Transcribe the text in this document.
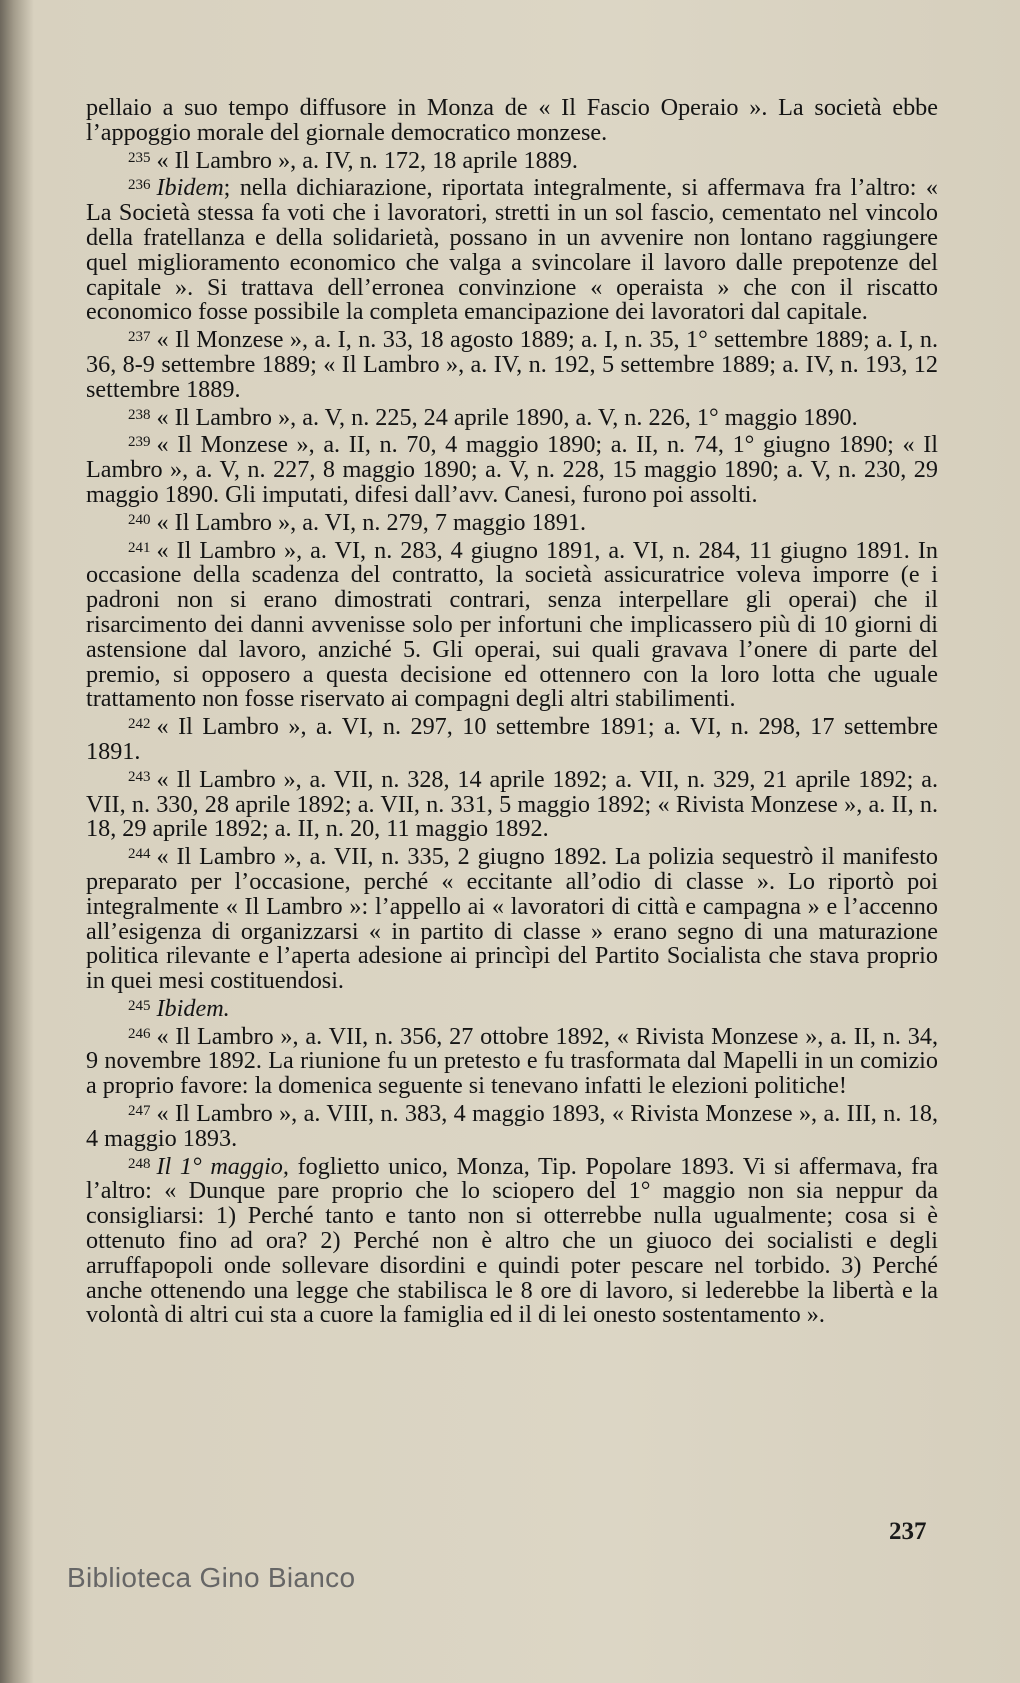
pellaio a suo tempo diffusore in Monza de « Il Fascio Operaio ». La società ebbe l’appoggio morale del giornale democratico monzese.

$^{235}$ « Il Lambro », a. IV, n. 172, 18 aprile 1889.

$^{236}$ Ibidem; nella dichiarazione, riportata integralmente, si affermava fra l’altro: « La Società stessa fa voti che i lavoratori, stretti in un sol fascio, cementato nel vincolo della fratellanza e della solidarietà, possano in un avvenire non lontano raggiungere quel miglioramento economico che valga a svincolare il lavoro dalle prepotenze del capitale ». Si trattava dell’erronea convinzione « operaista » che con il riscatto economico fosse possibile la completa emancipazione dei lavoratori dal capitale.

$^{237}$ « Il Monzese », a. I, n. 33, 18 agosto 1889; a. I, n. 35, 1° settembre 1889; a. I, n. 36, 8-9 settembre 1889; « Il Lambro », a. IV, n. 192, 5 settembre 1889; a. IV, n. 193, 12 settembre 1889.

$^{238}$ « Il Lambro », a. V, n. 225, 24 aprile 1890, a. V, n. 226, 1° maggio 1890.

$^{239}$ « Il Monzese », a. II, n. 70, 4 maggio 1890; a. II, n. 74, 1° giugno 1890; « Il Lambro », a. V, n. 227, 8 maggio 1890; a. V, n. 228, 15 maggio 1890; a. V, n. 230, 29 maggio 1890. Gli imputati, difesi dall’avv. Canesi, furono poi assolti.

$^{240}$ « Il Lambro », a. VI, n. 279, 7 maggio 1891.

$^{241}$ « Il Lambro », a. VI, n. 283, 4 giugno 1891, a. VI, n. 284, 11 giugno 1891. In occasione della scadenza del contratto, la società assicuratrice voleva imporre (e i padroni non si erano dimostrati contrari, senza interpellare gli operai) che il risarcimento dei danni avvenisse solo per infortuni che implicassero più di 10 giorni di astensione dal lavoro, anziché 5. Gli operai, sui quali gravava l’onere di parte del premio, si opposero a questa decisione ed ottennero con la loro lotta che uguale trattamento non fosse riservato ai compagni degli altri stabilimenti.

$^{242}$ « Il Lambro », a. VI, n. 297, 10 settembre 1891; a. VI, n. 298, 17 settembre 1891.

$^{243}$ « Il Lambro », a. VII, n. 328, 14 aprile 1892; a. VII, n. 329, 21 aprile 1892; a. VII, n. 330, 28 aprile 1892; a. VII, n. 331, 5 maggio 1892; « Rivista Monzese », a. II, n. 18, 29 aprile 1892; a. II, n. 20, 11 maggio 1892.

$^{244}$ « Il Lambro », a. VII, n. 335, 2 giugno 1892. La polizia sequestrò il manifesto preparato per l’occasione, perché « eccitante all’odio di classe ». Lo riportò poi integralmente « Il Lambro »: l’appello ai « lavoratori di città e campagna » e l’accenno all’esigenza di organizzarsi « in partito di classe » erano segno di una maturazione politica rilevante e l’aperta adesione ai princìpi del Partito Socialista che stava proprio in quei mesi costituendosi.

$^{245}$ Ibidem.

$^{246}$ « Il Lambro », a. VII, n. 356, 27 ottobre 1892, « Rivista Monzese », a. II, n. 34, 9 novembre 1892. La riunione fu un pretesto e fu trasformata dal Mapelli in un comizio a proprio favore: la domenica seguente si tenevano infatti le elezioni politiche!

$^{247}$ « Il Lambro », a. VIII, n. 383, 4 maggio 1893, « Rivista Monzese », a. III, n. 18, 4 maggio 1893.

$^{248}$ Il 1° maggio, foglietto unico, Monza, Tip. Popolare 1893. Vi si affermava, fra l’altro: « Dunque pare proprio che lo sciopero del 1° maggio non sia neppur da consigliarsi: 1) Perché tanto e tanto non si otterrebbe nulla ugualmente; cosa si è ottenuto fino ad ora? 2) Perché non è altro che un giuoco dei socialisti e degli arruffapopoli onde sollevare disordini e quindi poter pescare nel torbido. 3) Perché anche ottenendo una legge che stabilisca le 8 ore di lavoro, si lederebbe la libertà e la volontà di altri cui sta a cuore la famiglia ed il di lei onesto sostentamento ».

237
Biblioteca Gino Bianco
